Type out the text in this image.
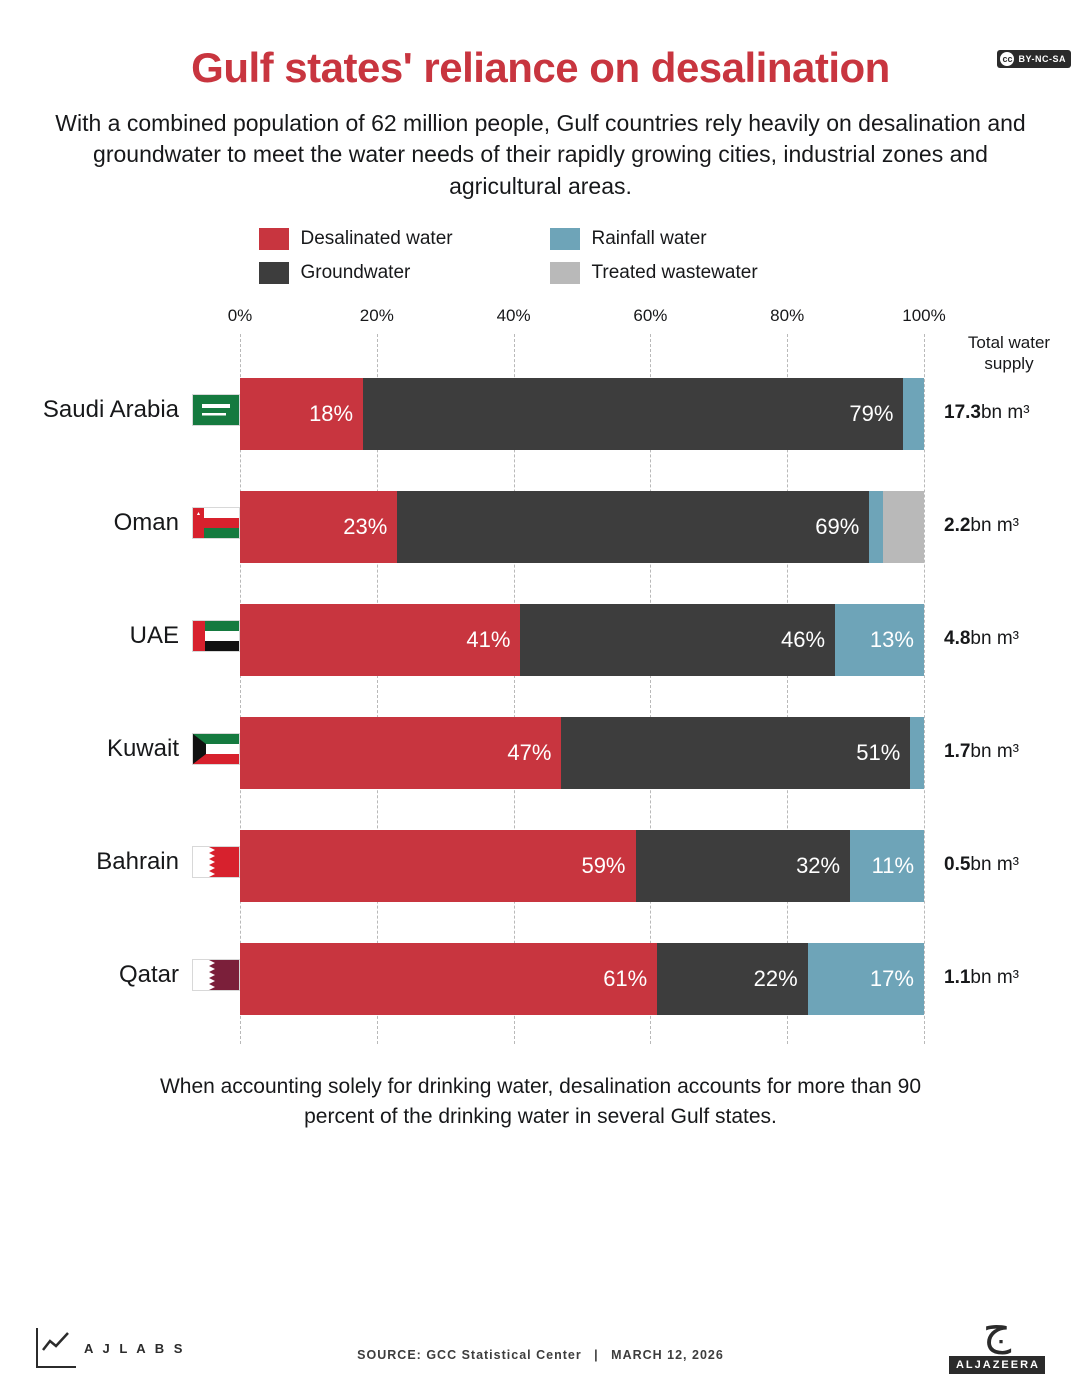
cc BY-NC-SA
Gulf states' reliance on desalination

With a combined population of 62 million people, Gulf countries rely heavily on desalination and groundwater to meet the water needs of their rapidly growing cities, industrial zones and agricultural areas.

Desalinated water	Rainfall water
Groundwater	Treated wastewater
0%	20%	40%	60%	80%	100%
Total water supply
Saudi Arabia	18%	79%	17.3bn m³
Oman	23%	69%	2.2bn m³
UAE	41%	46%	13%	4.8bn m³
Kuwait	47%	51%	1.7bn m³
Bahrain	59%	32%	11%	0.5bn m³
Qatar	61%	22%	17%	1.1bn m³

When accounting solely for drinking water, desalination accounts for more than 90 percent of the drinking water in several Gulf states.

A J L A B S	SOURCE: GCC Statistical Center | MARCH 12, 2026	ج
ALJAZEERA
